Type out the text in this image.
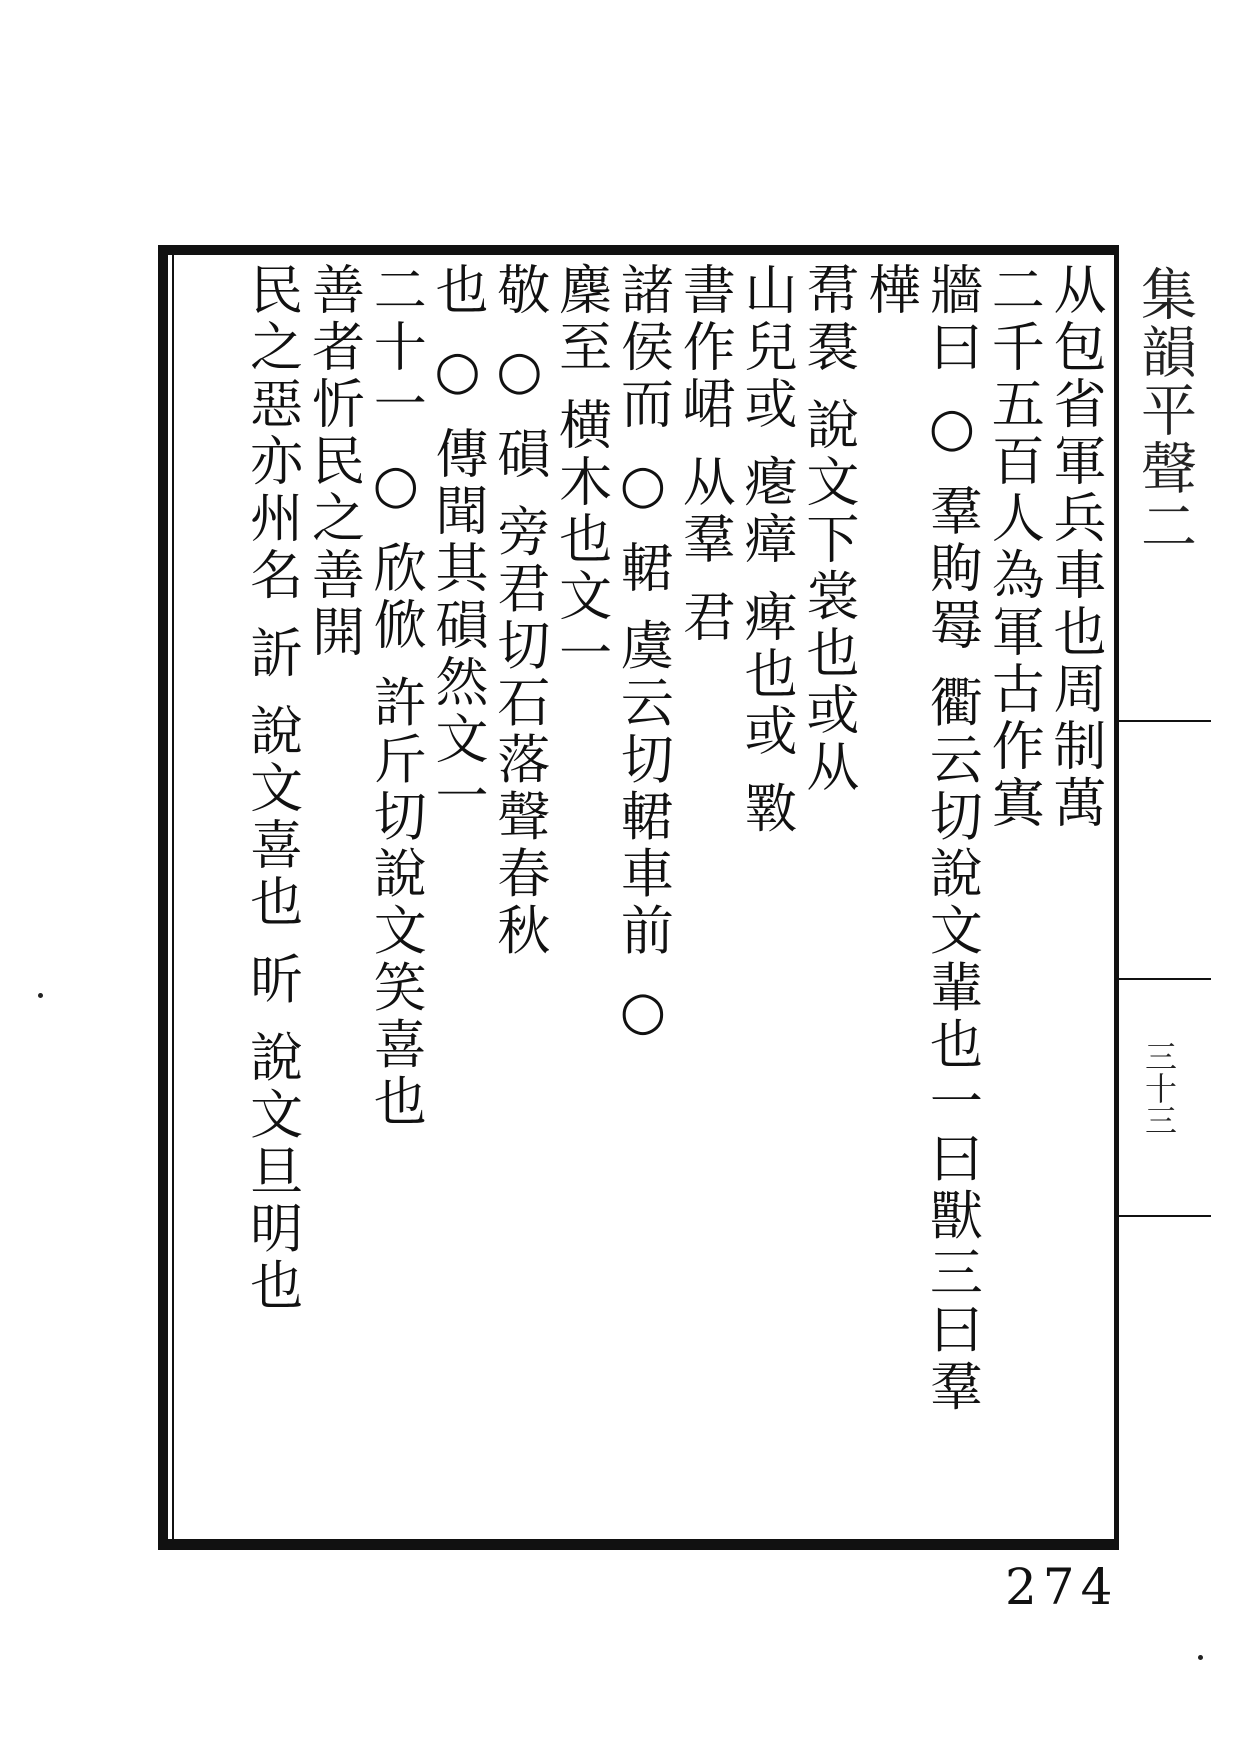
集韻平聲二
三十三
274
从包省軍兵車也周制萬
二千五百人為軍古作寘
牆曰 ○ 羣䝭䍙 衢云切說文輩也一曰獸三曰羣
樺
帬裠 說文下裳也或从
山兒或 瘪瘴 痺也或 斁
書作峮 从羣 君
諸侯而 ○ 輑 虞云切輑車前 ○
麇至 横木也文一
敬 ○ 磒 旁君切石落聲春秋
也 ○ 傳聞其磒然文一
二十一 ○ 欣俽 許斤切說文笑喜也
善者忻民之善開
民之惡亦州名 訢 說文喜也 昕 說文旦明也
